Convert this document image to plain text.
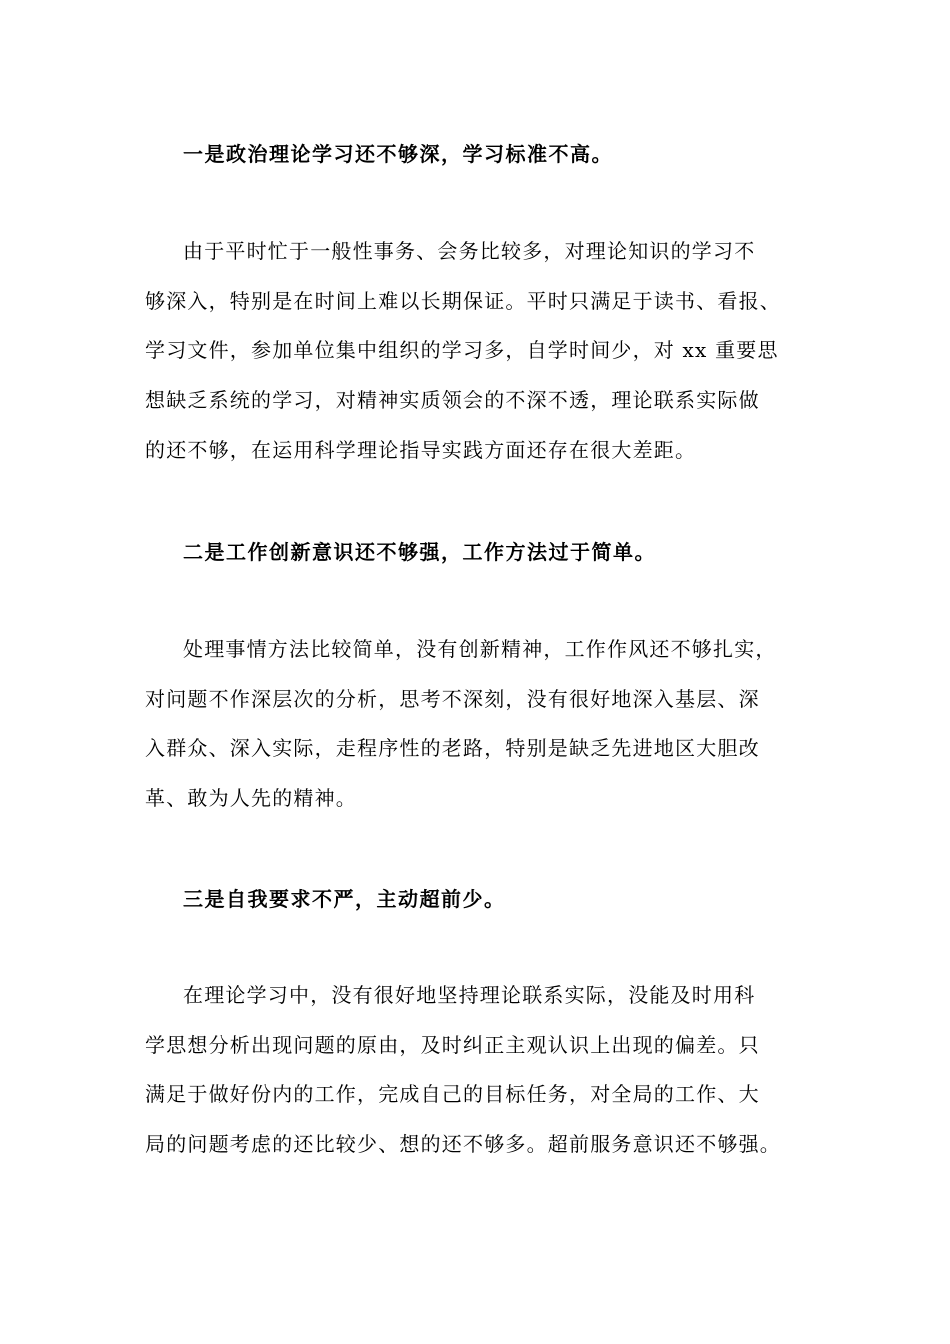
一是政治理论学习还不够深，学习标准不高。
由于平时忙于一般性事务、会务比较多，对理论知识的学习不
够深入，特别是在时间上难以长期保证。平时只满足于读书、看报、
学习文件，参加单位集中组织的学习多，自学时间少，对 xx 重要思
想缺乏系统的学习，对精神实质领会的不深不透，理论联系实际做
的还不够，在运用科学理论指导实践方面还存在很大差距。
二是工作创新意识还不够强，工作方法过于简单。
处理事情方法比较简单，没有创新精神，工作作风还不够扎实，
对问题不作深层次的分析，思考不深刻，没有很好地深入基层、深
入群众、深入实际，走程序性的老路，特别是缺乏先进地区大胆改
革、敢为人先的精神。
三是自我要求不严，主动超前少。
在理论学习中，没有很好地坚持理论联系实际，没能及时用科
学思想分析出现问题的原由，及时纠正主观认识上出现的偏差。只
满足于做好份内的工作，完成自己的目标任务，对全局的工作、大
局的问题考虑的还比较少、想的还不够多。超前服务意识还不够强。
